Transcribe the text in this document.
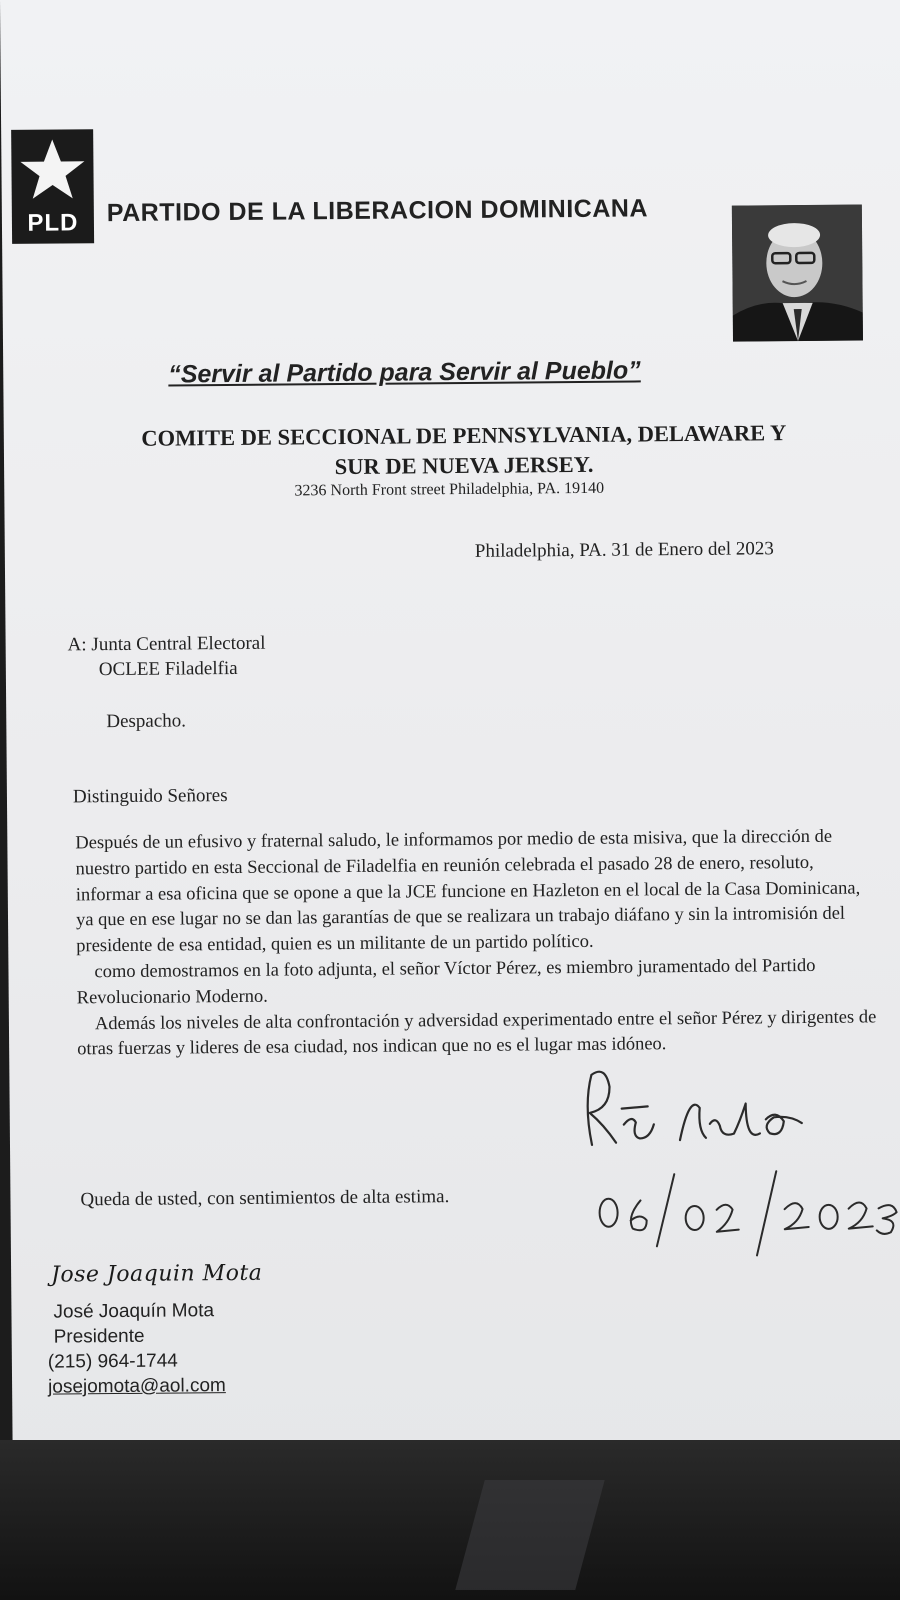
PLD	PARTIDO DE LA LIBERACION DOMINICANA
“Servir al Partido para Servir al Pueblo”
COMITE DE SECCIONAL DE PENNSYLVANIA, DELAWARE Y
SUR DE NUEVA JERSEY.
3236 North Front street Philadelphia, PA. 19140
Philadelphia, PA. 31 de Enero del 2023
A: Junta Central Electoral
OCLEE Filadelfia
Despacho.
Distinguido Señores

Después de un efusivo y fraternal saludo, le informamos por medio de esta misiva, que la dirección de nuestro partido en esta Seccional de Filadelfia en reunión celebrada el pasado 28 de enero, resoluto, informar a esa oficina que se opone a que la JCE funcione en Hazleton en el local de la Casa Dominicana, ya que en ese lugar no se dan las garantías de que se realizara un trabajo diáfano y sin la intromisión del presidente de esa entidad, quien es un militante de un partido político.

como demostramos en la foto adjunta, el señor Víctor Pérez, es miembro juramentado del Partido Revolucionario Moderno.

Además los niveles de alta confrontación y adversidad experimentado entre el señor Pérez y dirigentes de otras fuerzas y lideres de esa ciudad, nos indican que no es el lugar mas idóneo.

Queda de usted, con sentimientos de alta estima.
Jose Joaquin Mota
José Joaquín Mota
Presidente
(215) 964-1744
josejomota@aol.com
06/02/2023
